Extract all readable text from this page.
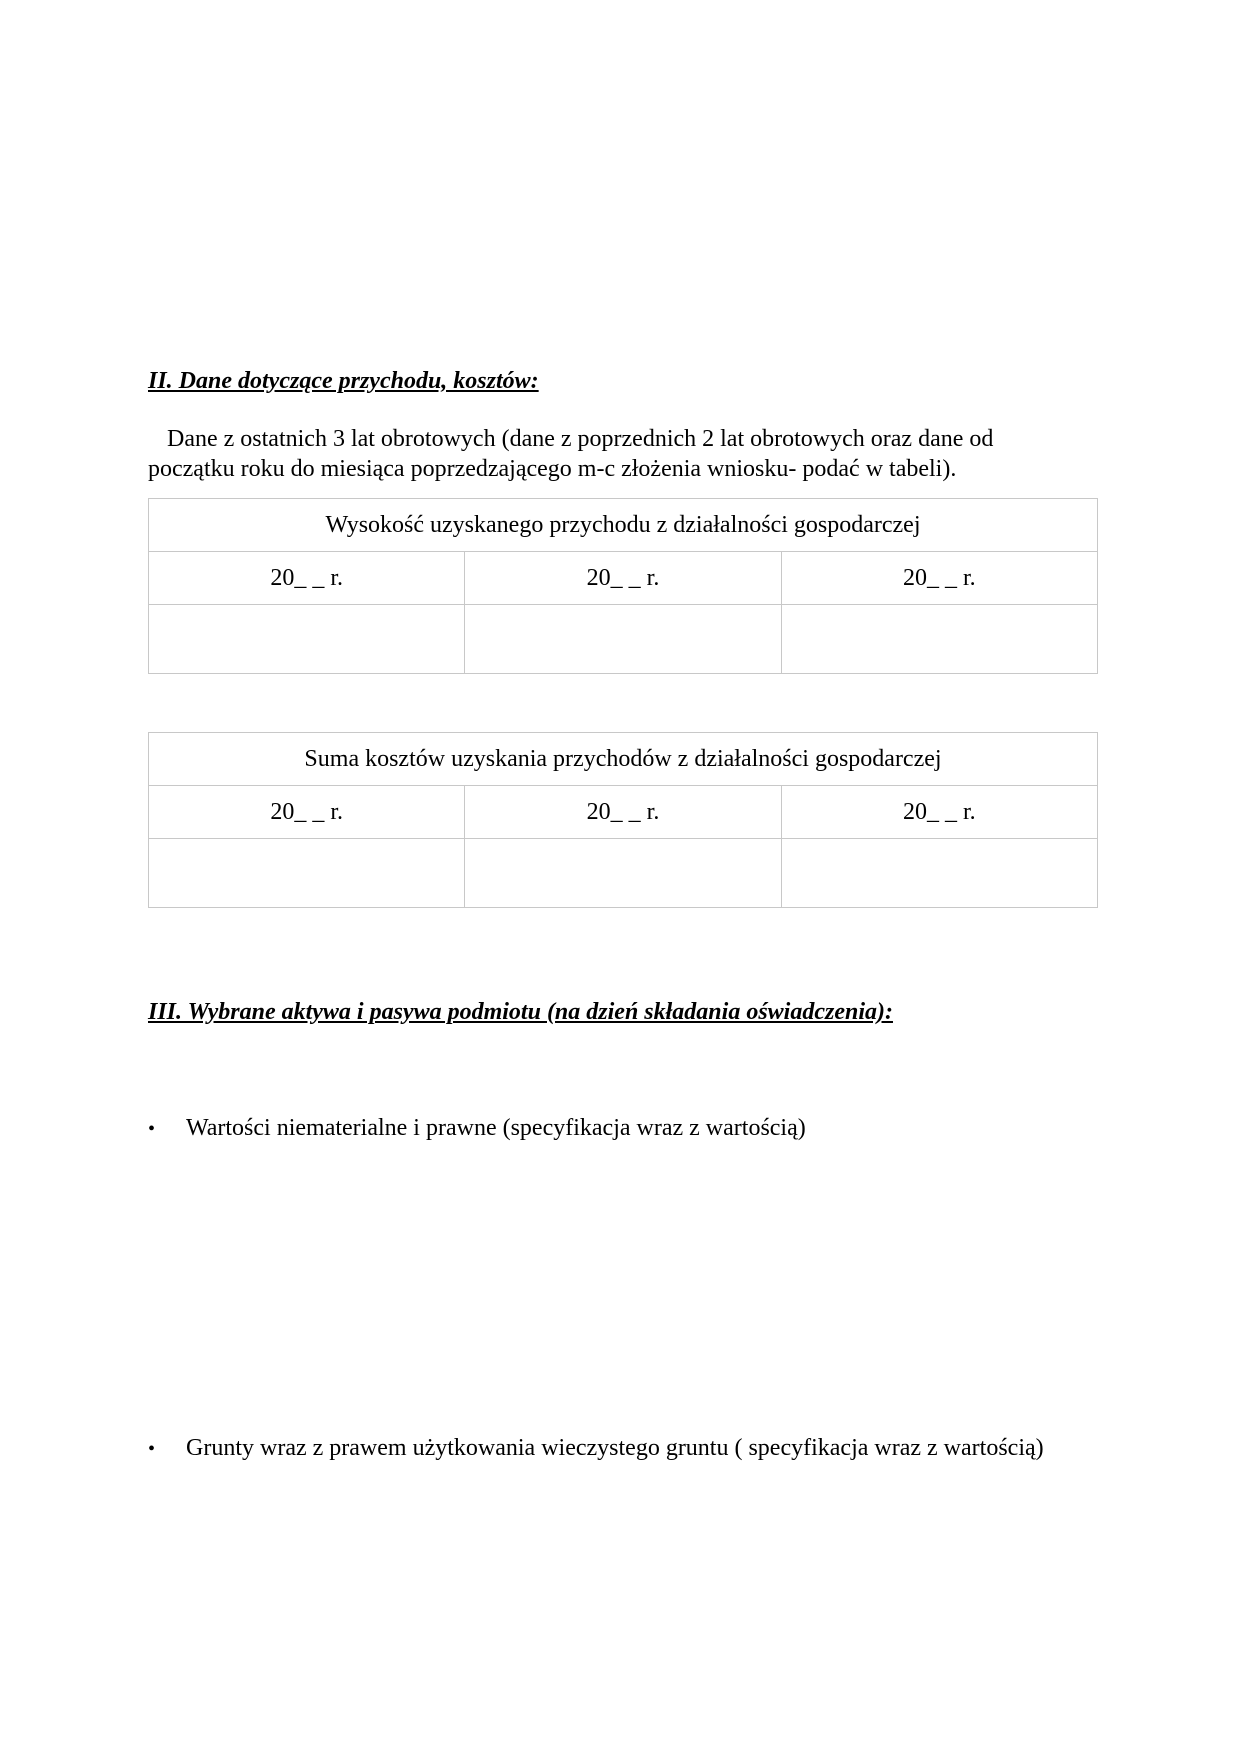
II. Dane dotyczące przychodu, kosztów:
Dane z ostatnich 3 lat obrotowych (dane z poprzednich 2 lat obrotowych oraz dane od
początku roku do miesiąca poprzedzającego m-c złożenia wniosku- podać w tabeli).
Wysokość uzyskanego przychodu z działalności gospodarczej		
20_ _ r.	20_ _ r.	20_ _ r.

Suma kosztów uzyskania przychodów z działalności gospodarczej		
20_ _ r.	20_ _ r.	20_ _ r.

III. Wybrane aktywa i pasywa podmiotu (na dzień składania oświadczenia):
• Wartości niematerialne i prawne (specyfikacja wraz z wartością)
• Grunty wraz z prawem użytkowania wieczystego gruntu ( specyfikacja wraz z wartością)
